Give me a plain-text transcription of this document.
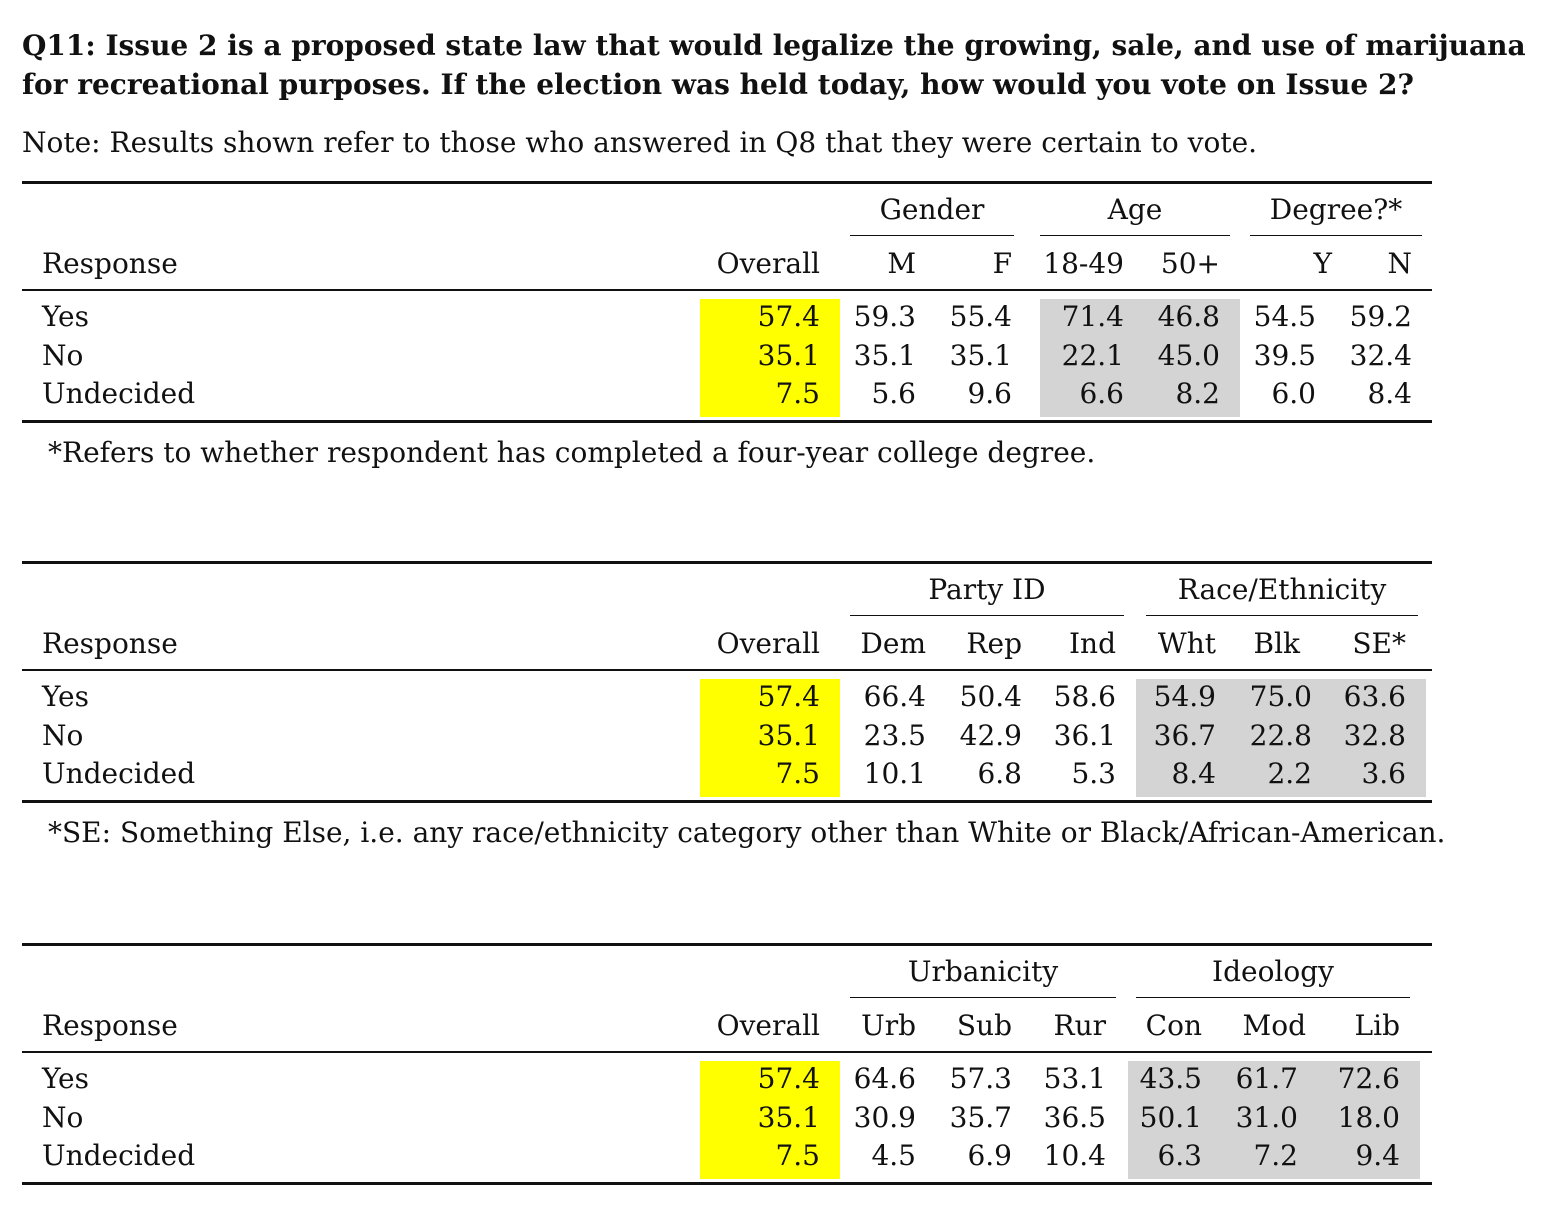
Q11: Issue 2 is a proposed state law that would legalize the growing, sale, and use of marijuana
for recreational purposes. If the election was held today, how would you vote on Issue 2?
Note: Results shown refer to those who answered in Q8 that they were certain to vote.
Gender	Age	Degree?*
Response	Overall	M	F	18-49	50+	Y	N
Yes	57.4	59.3	55.4	71.4	46.8	54.5	59.2
No	35.1	35.1	35.1	22.1	45.0	39.5	32.4
Undecided	7.5	5.6	9.6	6.6	8.2	6.0	8.4
*Refers to whether respondent has completed a four-year college degree.
Party ID	Race/Ethnicity
Response	Overall	Dem	Rep	Ind	Wht	Blk	SE*
Yes	57.4	66.4	50.4	58.6	54.9	75.0	63.6
No	35.1	23.5	42.9	36.1	36.7	22.8	32.8
Undecided	7.5	10.1	6.8	5.3	8.4	2.2	3.6
*SE: Something Else, i.e. any race/ethnicity category other than White or Black/African-American.
Urbanicity	Ideology
Response	Overall	Urb	Sub	Rur	Con	Mod	Lib
Yes	57.4	64.6	57.3	53.1	43.5	61.7	72.6
No	35.1	30.9	35.7	36.5	50.1	31.0	18.0
Undecided	7.5	4.5	6.9	10.4	6.3	7.2	9.4
